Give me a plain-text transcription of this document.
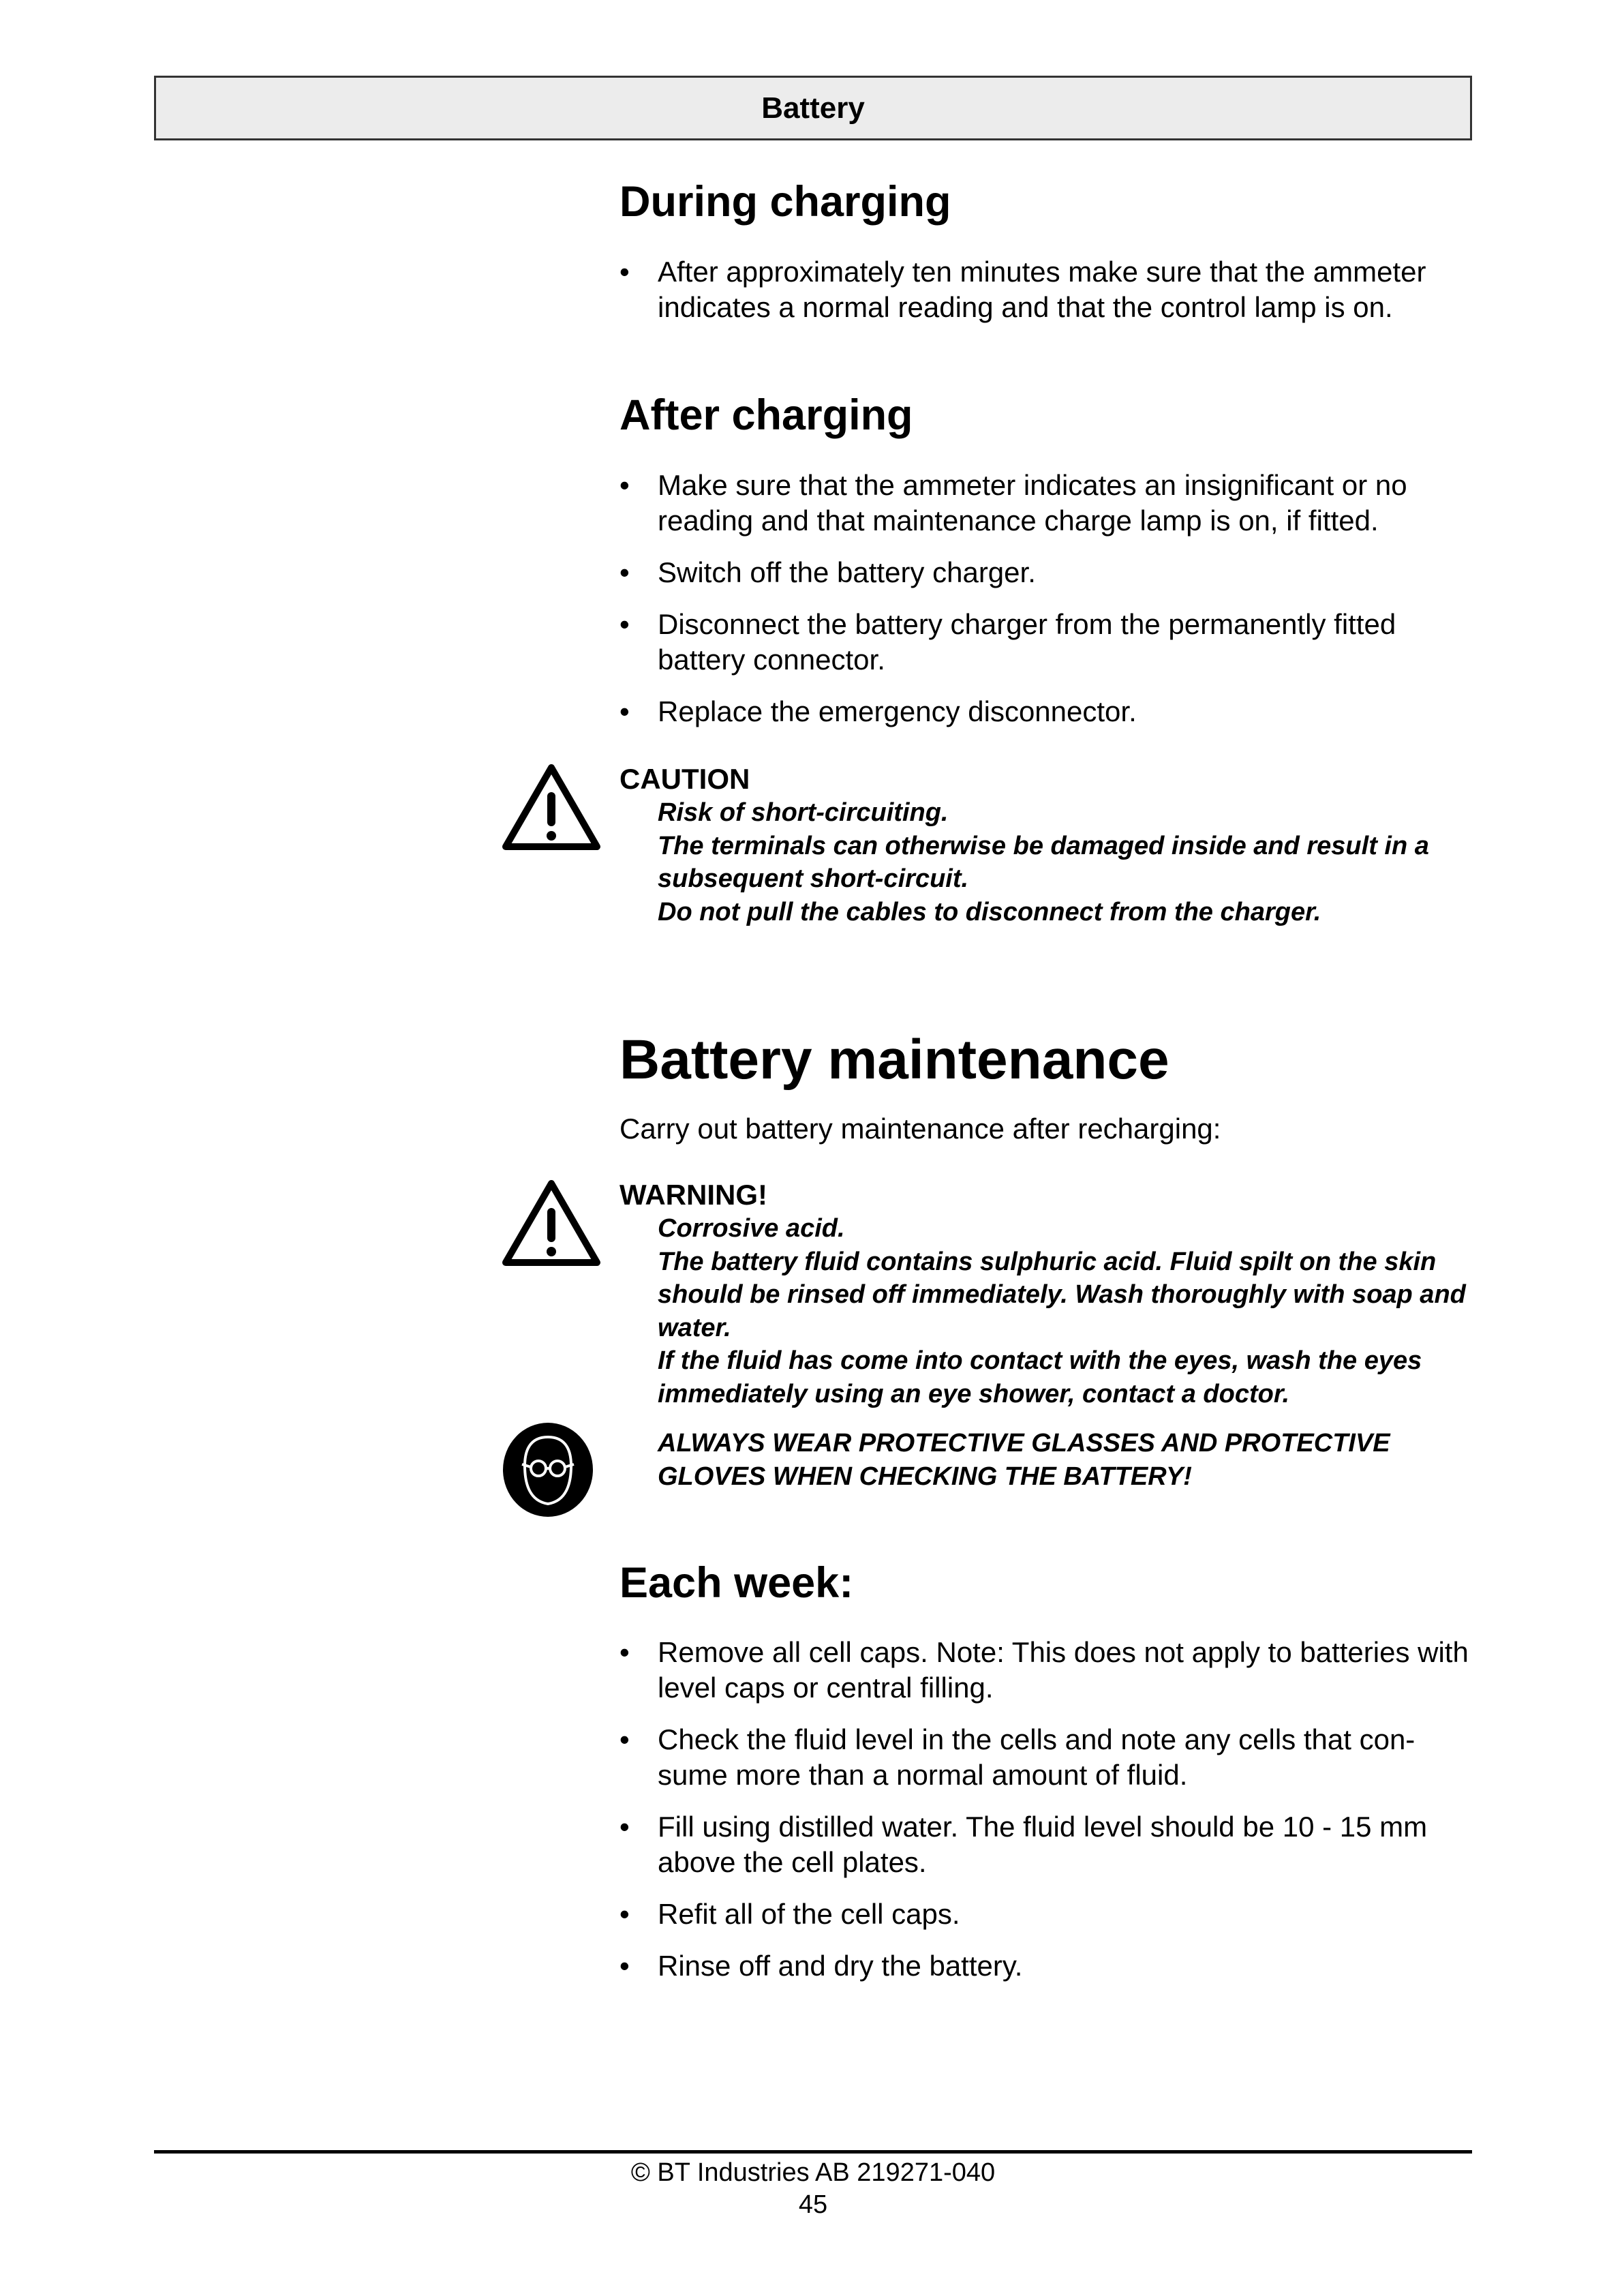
Battery
During charging
• After approximately ten minutes make sure that the ammeter indicates a normal reading and that the control lamp is on.
After charging
• Make sure that the ammeter indicates an insignificant or no reading and that maintenance charge lamp is on, if fitted.
• Switch off the battery charger.
• Disconnect the battery charger from the permanently fitted battery connector.
• Replace the emergency disconnector.

CAUTION

Risk of short-circuiting.

The terminals can otherwise be damaged inside and result in a subsequent short-circuit.

Do not pull the cables to disconnect from the charger.

Battery maintenance

Carry out battery maintenance after recharging:

WARNING!

Corrosive acid.

The battery fluid contains sulphuric acid. Fluid spilt on the skin should be rinsed off immediately. Wash thoroughly with soap and water.

If the fluid has come into contact with the eyes, wash the eyes immediately using an eye shower, contact a doctor.

ALWAYS WEAR PROTECTIVE GLASSES AND PROTECTIVE GLOVES WHEN CHECKING THE BATTERY!

Each week:
• Remove all cell caps. Note: This does not apply to batteries with level caps or central filling.
• Check the fluid level in the cells and note any cells that con-sume more than a normal amount of fluid.
• Fill using distilled water. The fluid level should be 10 - 15 mm above the cell plates.
• Refit all of the cell caps.
• Rinse off and dry the battery.
© BT Industries AB 219271-040
45
